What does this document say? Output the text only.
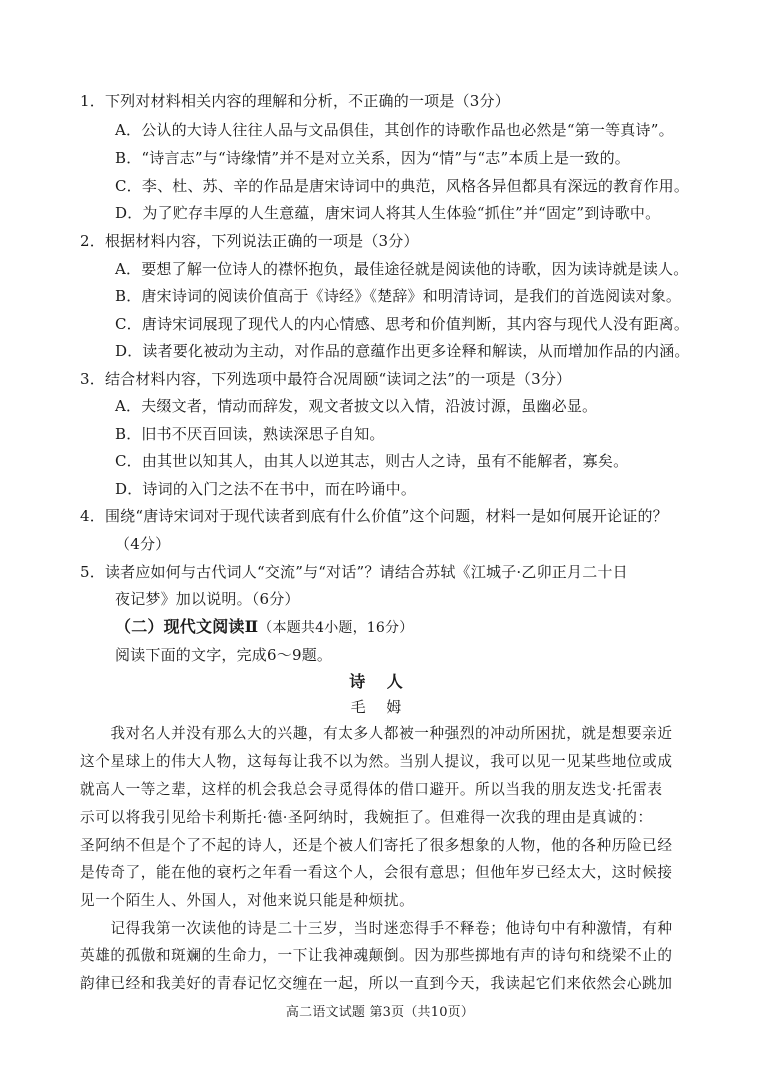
1．下列对材料相关内容的理解和分析，不正确的一项是（3分）
A．公认的大诗人往往人品与文品俱佳，其创作的诗歌作品也必然是“第一等真诗”。
B．“诗言志”与“诗缘情”并不是对立关系，因为“情”与“志”本质上是一致的。
C．李、杜、苏、辛的作品是唐宋诗词中的典范，风格各异但都具有深远的教育作用。
D．为了贮存丰厚的人生意蕴，唐宋词人将其人生体验“抓住”并“固定”到诗歌中。
2．根据材料内容，下列说法正确的一项是（3分）
A．要想了解一位诗人的襟怀抱负，最佳途径就是阅读他的诗歌，因为读诗就是读人。
B．唐宋诗词的阅读价值高于《诗经》《楚辞》和明清诗词，是我们的首选阅读对象。
C．唐诗宋词展现了现代人的内心情感、思考和价值判断，其内容与现代人没有距离。
D．读者要化被动为主动，对作品的意蕴作出更多诠释和解读，从而增加作品的内涵。
3．结合材料内容，下列选项中最符合况周颐“读词之法”的一项是（3分）
A．夫缀文者，情动而辞发，观文者披文以入情，沿波讨源，虽幽必显。
B．旧书不厌百回读，熟读深思子自知。
C．由其世以知其人，由其人以逆其志，则古人之诗，虽有不能解者，寡矣。
D．诗词的入门之法不在书中，而在吟诵中。
4．围绕“唐诗宋词对于现代读者到底有什么价值”这个问题，材料一是如何展开论证的？
（4分）
5．读者应如何与古代词人“交流”与“对话”？请结合苏轼《江城子·乙卯正月二十日
夜记梦》加以说明。（6分）
（二）现代文阅读Ⅱ（本题共4小题，16分）
阅读下面的文字，完成6～9题。
诗 人
毛 姆
　　我对名人并没有那么大的兴趣，有太多人都被一种强烈的冲动所困扰，就是想要亲近
这个星球上的伟大人物，这每每让我不以为然。当别人提议，我可以见一见某些地位或成
就高人一等之辈，这样的机会我总会寻觅得体的借口避开。所以当我的朋友迭戈·托雷表
示可以将我引见给卡利斯托·德·圣阿纳时，我婉拒了。但难得一次我的理由是真诚的：
圣阿纳不但是个了不起的诗人，还是个被人们寄托了很多想象的人物，他的各种历险已经
是传奇了，能在他的衰朽之年看一看这个人，会很有意思；但他年岁已经太大，这时候接
见一个陌生人、外国人，对他来说只能是种烦扰。
　　记得我第一次读他的诗是二十三岁，当时迷恋得手不释卷；他诗句中有种激情，有种
英雄的孤傲和斑斓的生命力，一下让我神魂颠倒。因为那些掷地有声的诗句和绕梁不止的
韵律已经和我美好的青春记忆交缠在一起，所以一直到今天，我读起它们来依然会心跳加
高二语文试题 第3页（共10页）
